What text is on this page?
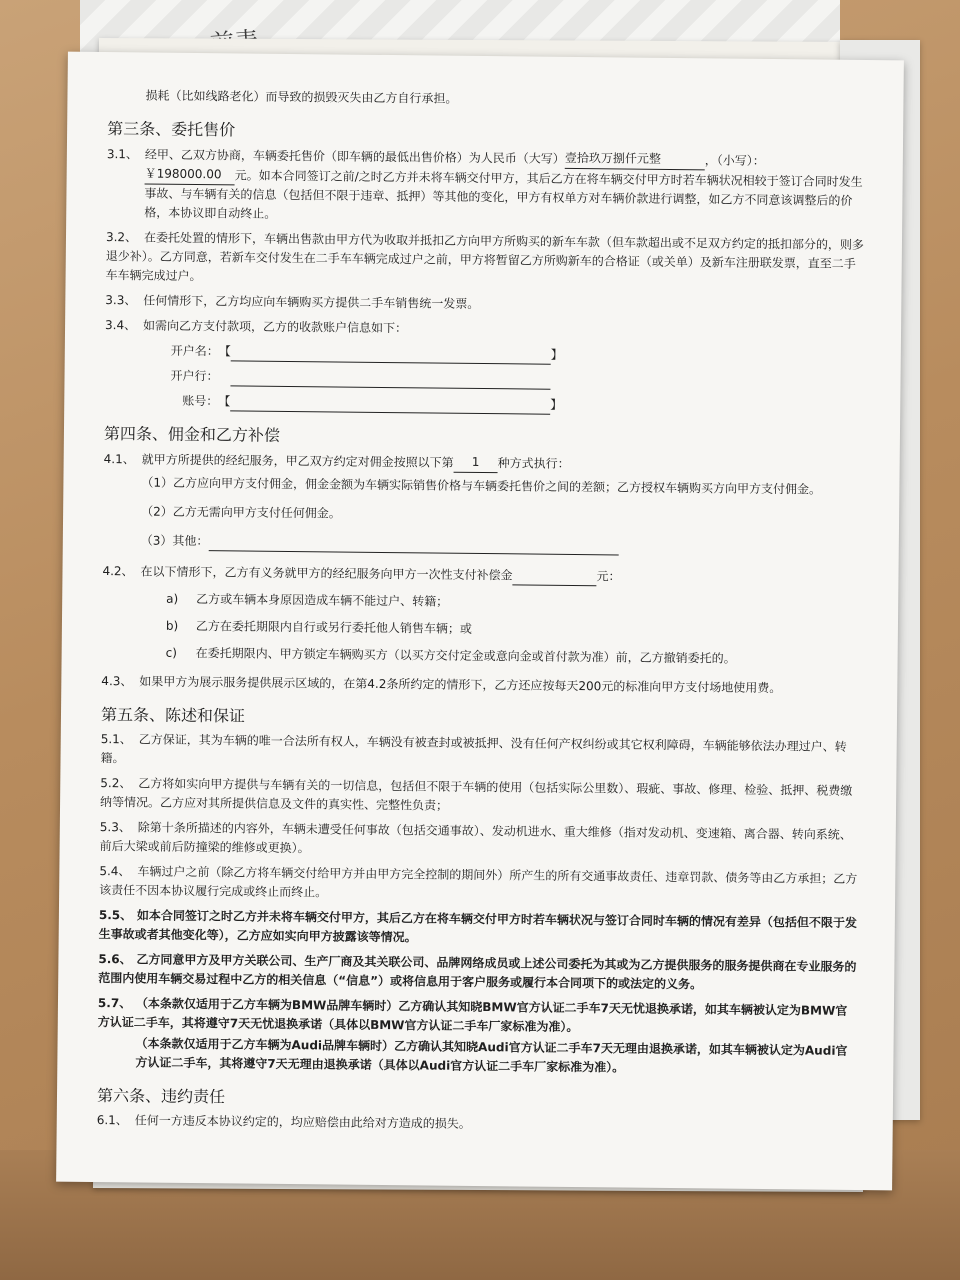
损耗（比如线路老化）而导致的损毁灭失由乙方自行承担。
第三条、委托售价
3.1、 经甲、乙双方协商，车辆委托售价（即车辆的最低出售价格）为人民币（大写）壹拾玖万捌仟元整	，（小写）：
￥198000.00 元。如本合同签订之前/之时乙方并未将车辆交付甲方，其后乙方在将车辆交付甲方时若车辆状况相较于签订合同时发生事故、与车辆有关的信息（包括但不限于违章、抵押）等其他的变化，甲方有权单方对车辆价款进行调整，如乙方不同意该调整后的价格，本协议即自动终止。
3.2、 在委托处置的情形下，车辆出售款由甲方代为收取并抵扣乙方向甲方所购买的新车车款（但车款超出或不足双方约定的抵扣部分的，则多退少补）。乙方同意，若新车交付发生在二手车车辆完成过户之前，甲方将暂留乙方所购新车的合格证（或关单）及新车注册联发票，直至二手车车辆完成过户。
3.3、 任何情形下，乙方均应向车辆购买方提供二手车销售统一发票。
3.4、 如需向乙方支付款项，乙方的收款账户信息如下：
开户名：【	】
开户行：
账号：【	】
第四条、佣金和乙方补偿
4.1、 就甲方所提供的经纪服务，甲乙双方约定对佣金按照以下第 1 种方式执行：
（1）乙方应向甲方支付佣金，佣金金额为车辆实际销售价格与车辆委托售价之间的差额；乙方授权车辆购买方向甲方支付佣金。
（2）乙方无需向甲方支付任何佣金。
（3）其他：
4.2、 在以下情形下，乙方有义务就甲方的经纪服务向甲方一次性支付补偿金	元：
a) 乙方或车辆本身原因造成车辆不能过户、转籍；
b) 乙方在委托期限内自行或另行委托他人销售车辆；或
c) 在委托期限内、甲方锁定车辆购买方（以买方交付定金或意向金或首付款为准）前，乙方撤销委托的。
4.3、 如果甲方为展示服务提供展示区域的，在第4.2条所约定的情形下，乙方还应按每天200元的标准向甲方支付场地使用费。
第五条、陈述和保证
5.1、 乙方保证，其为车辆的唯一合法所有权人，车辆没有被查封或被抵押、没有任何产权纠纷或其它权利障碍，车辆能够依法办理过户、转籍。
5.2、 乙方将如实向甲方提供与车辆有关的一切信息，包括但不限于车辆的使用（包括实际公里数）、瑕疵、事故、修理、检验、抵押、税费缴纳等情况。乙方应对其所提供信息及文件的真实性、完整性负责；
5.3、 除第十条所描述的内容外，车辆未遭受任何事故（包括交通事故）、发动机进水、重大维修（指对发动机、变速箱、离合器、转向系统、前后大梁或前后防撞梁的维修或更换）。
5.4、 车辆过户之前（除乙方将车辆交付给甲方并由甲方完全控制的期间外）所产生的所有交通事故责任、违章罚款、债务等由乙方承担；乙方该责任不因本协议履行完成或终止而终止。
5.5、 如本合同签订之时乙方并未将车辆交付甲方，其后乙方在将车辆交付甲方时若车辆状况与签订合同时车辆的情况有差异（包括但不限于发生事故或者其他变化等），乙方应如实向甲方披露该等情况。
5.6、 乙方同意甲方及甲方关联公司、生产厂商及其关联公司、品牌网络成员或上述公司委托为其或为乙方提供服务的服务提供商在专业服务的范围内使用车辆交易过程中乙方的相关信息（“信息”）或将信息用于客户服务或履行本合同项下的或法定的义务。
5.7、 （本条款仅适用于乙方车辆为BMW品牌车辆时）乙方确认其知晓BMW官方认证二手车7天无忧退换承诺，如其车辆被认定为BMW官方认证二手车，其将遵守7天无忧退换承诺（具体以BMW官方认证二手车厂家标准为准）。
（本条款仅适用于乙方车辆为Audi品牌车辆时）乙方确认其知晓Audi官方认证二手车7天无理由退换承诺，如其车辆被认定为Audi官方认证二手车，其将遵守7天无理由退换承诺（具体以Audi官方认证二手车厂家标准为准）。
第六条、违约责任
6.1、 任何一方违反本协议约定的，均应赔偿由此给对方造成的损失。
